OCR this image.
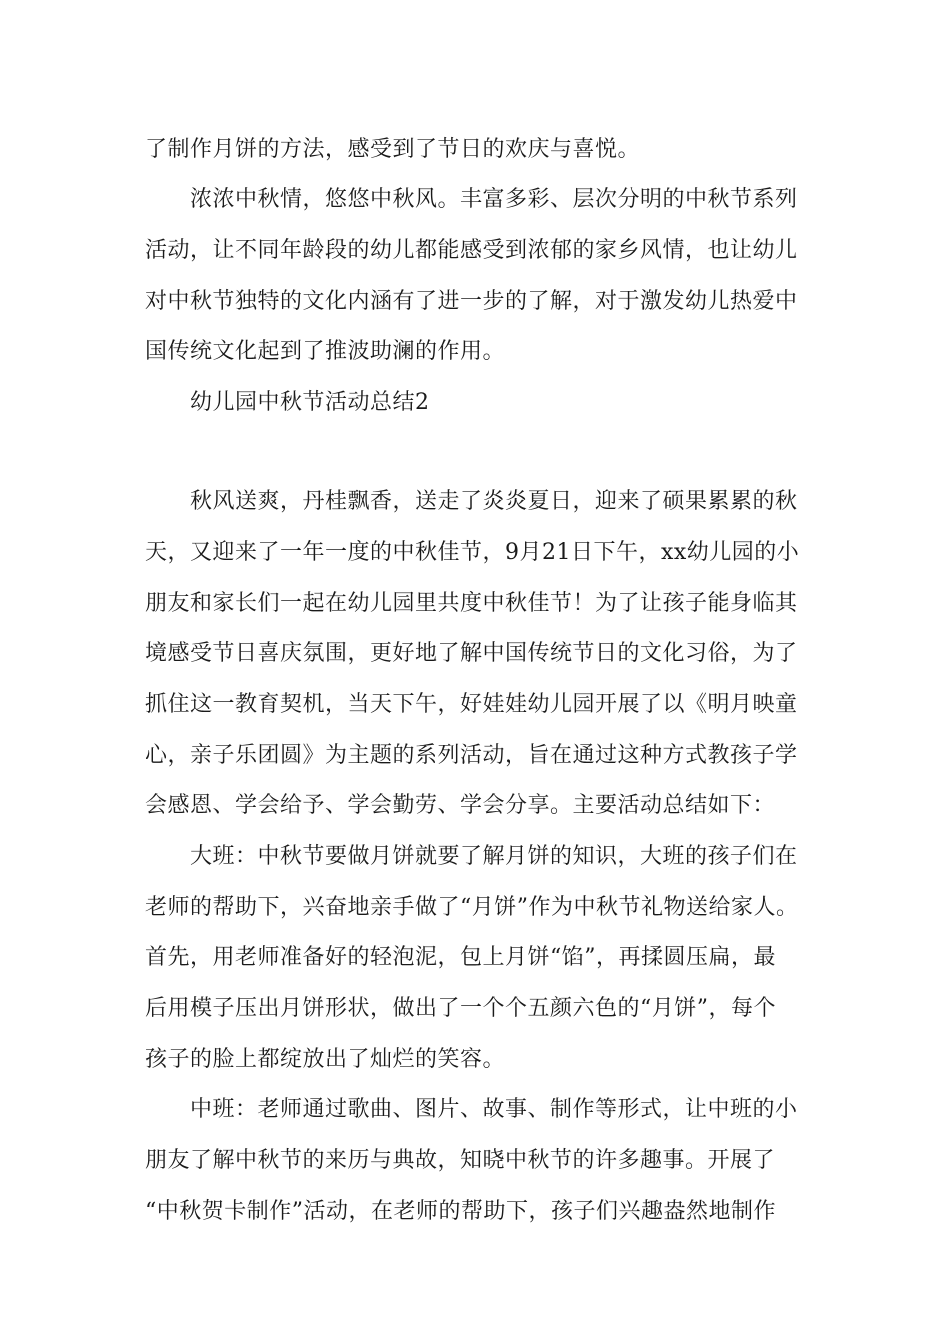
了制作月饼的方法，感受到了节日的欢庆与喜悦。
浓浓中秋情，悠悠中秋风。丰富多彩、层次分明的中秋节系列
活动，让不同年龄段的幼儿都能感受到浓郁的家乡风情，也让幼儿
对中秋节独特的文化内涵有了进一步的了解，对于激发幼儿热爱中
国传统文化起到了推波助澜的作用。
幼儿园中秋节活动总结2
秋风送爽，丹桂飘香，送走了炎炎夏日，迎来了硕果累累的秋
天，又迎来了一年一度的中秋佳节，9月21日下午，xx幼儿园的小
朋友和家长们一起在幼儿园里共度中秋佳节！为了让孩子能身临其
境感受节日喜庆氛围，更好地了解中国传统节日的文化习俗，为了
抓住这一教育契机，当天下午，好娃娃幼儿园开展了以《明月映童
心，亲子乐团圆》为主题的系列活动，旨在通过这种方式教孩子学
会感恩、学会给予、学会勤劳、学会分享。主要活动总结如下：
大班：中秋节要做月饼就要了解月饼的知识，大班的孩子们在
老师的帮助下，兴奋地亲手做了“月饼”作为中秋节礼物送给家人。
首先，用老师准备好的轻泡泥，包上月饼“馅”，再揉圆压扁，最
后用模子压出月饼形状，做出了一个个五颜六色的“月饼”，每个
孩子的脸上都绽放出了灿烂的笑容。
中班：老师通过歌曲、图片、故事、制作等形式，让中班的小
朋友了解中秋节的来历与典故，知晓中秋节的许多趣事。开展了
“中秋贺卡制作”活动，在老师的帮助下，孩子们兴趣盎然地制作
